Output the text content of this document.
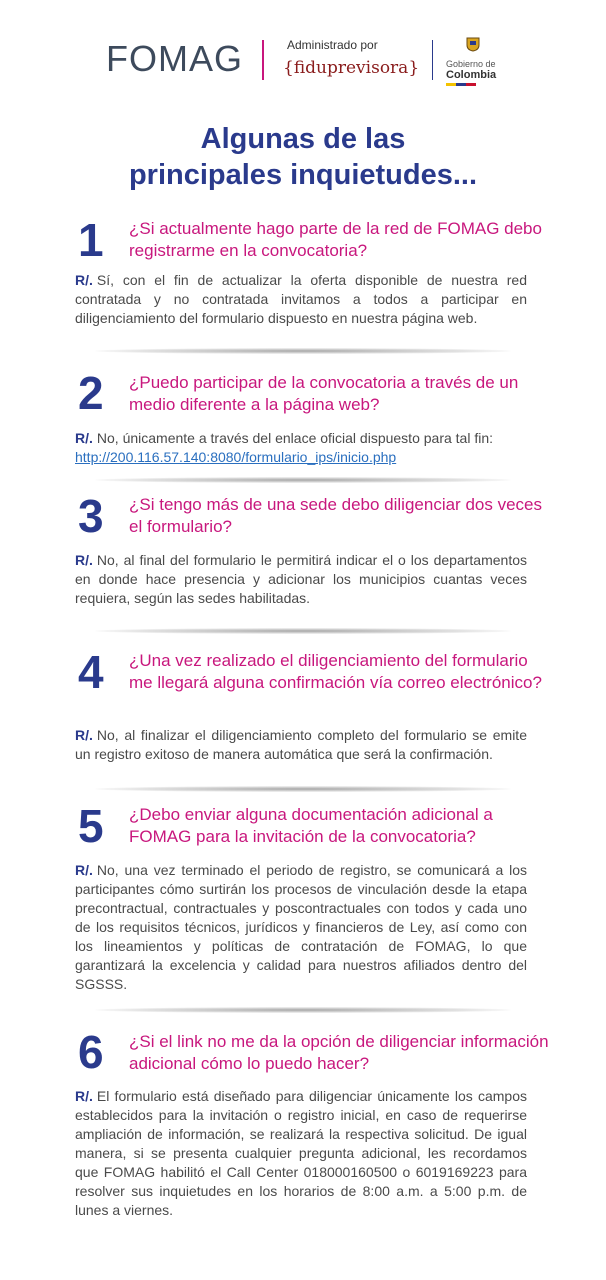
FOMAG	Administrado por
{fiduprevisora}	Gobierno de
Colombia
Algunas de las
principales inquietudes...
1 ¿Si actualmente hago parte de la red de FOMAG debo registrarme en la convocatoria?
R/. Sí, con el fin de actualizar la oferta disponible de nuestra red contratada y no contratada invitamos a todos a participar en diligenciamiento del formulario dispuesto en nuestra página web.
2 ¿Puedo participar de la convocatoria a través de un medio diferente a la página web?
R/. No, únicamente a través del enlace oficial dispuesto para tal fin:
http://200.116.57.140:8080/formulario_ips/inicio.php
3 ¿Si tengo más de una sede debo diligenciar dos veces el formulario?
R/. No, al final del formulario le permitirá indicar el o los departamentos en donde hace presencia y adicionar los municipios cuantas veces requiera, según las sedes habilitadas.
4 ¿Una vez realizado el diligenciamiento del formulario me llegará alguna confirmación vía correo electrónico?
R/. No, al finalizar el diligenciamiento completo del formulario se emite un registro exitoso de manera automática que será la confirmación.
5 ¿Debo enviar alguna documentación adicional a FOMAG para la invitación de la convocatoria?
R/. No, una vez terminado el periodo de registro, se comunicará a los participantes cómo surtirán los procesos de vinculación desde la etapa precontractual, contractuales y poscontractuales con todos y cada uno de los requisitos técnicos, jurídicos y financieros de Ley, así como con los lineamientos y políticas de contratación de FOMAG, lo que garantizará la excelencia y calidad para nuestros afiliados dentro del SGSSS.
6 ¿Si el link no me da la opción de diligenciar información adicional cómo lo puedo hacer?
R/. El formulario está diseñado para diligenciar únicamente los campos establecidos para la invitación o registro inicial, en caso de requerirse ampliación de información, se realizará la respectiva solicitud. De igual manera, si se presenta cualquier pregunta adicional, les recordamos que FOMAG habilitó el Call Center 018000160500 o 6019169223 para resolver sus inquietudes en los horarios de 8:00 a.m. a 5:00 p.m. de lunes a viernes.
